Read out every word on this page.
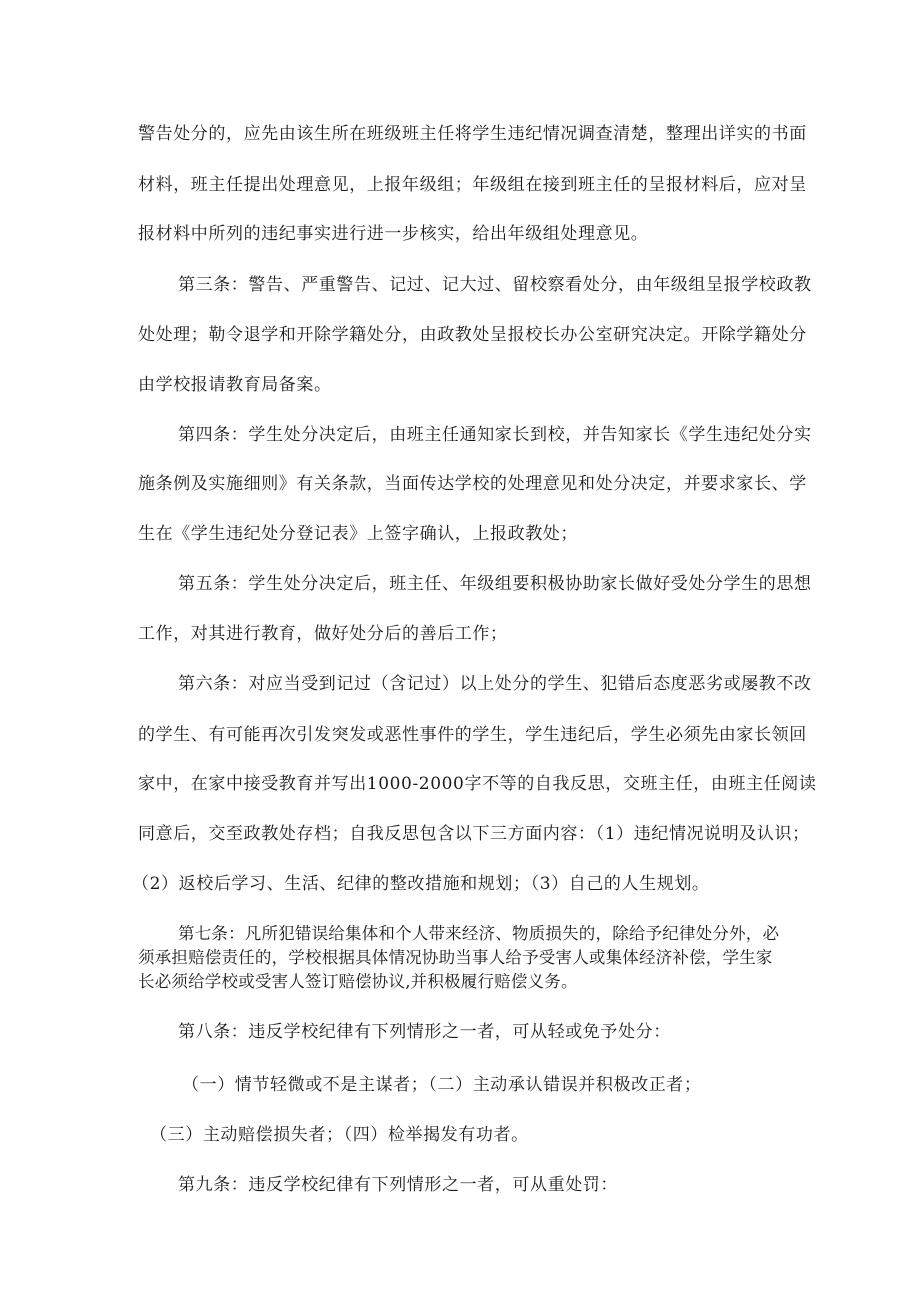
警告处分的，应先由该生所在班级班主任将学生违纪情况调查清楚，整理出详实的书面
材料，班主任提出处理意见，上报年级组；年级组在接到班主任的呈报材料后，应对呈
报材料中所列的违纪事实进行进一步核实，给出年级组处理意见。
第三条：警告、严重警告、记过、记大过、留校察看处分，由年级组呈报学校政教
处处理；勒令退学和开除学籍处分，由政教处呈报校长办公室研究决定。开除学籍处分
由学校报请教育局备案。
第四条：学生处分决定后，由班主任通知家长到校，并告知家长《学生违纪处分实
施条例及实施细则》有关条款，当面传达学校的处理意见和处分决定，并要求家长、学
生在《学生违纪处分登记表》上签字确认，上报政教处；
第五条：学生处分决定后，班主任、年级组要积极协助家长做好受处分学生的思想
工作，对其进行教育，做好处分后的善后工作；
第六条：对应当受到记过（含记过）以上处分的学生、犯错后态度恶劣或屡教不改
的学生、有可能再次引发突发或恶性事件的学生，学生违纪后，学生必须先由家长领回
家中，在家中接受教育并写出1000-2000字不等的自我反思，交班主任，由班主任阅读
同意后，交至政教处存档；自我反思包含以下三方面内容：（1）违纪情况说明及认识；
（2）返校后学习、生活、纪律的整改措施和规划；（3）自己的人生规划。
第七条：凡所犯错误给集体和个人带来经济、物质损失的，除给予纪律处分外，必
须承担赔偿责任的，学校根据具体情况协助当事人给予受害人或集体经济补偿，学生家
长必须给学校或受害人签订赔偿协议,并积极履行赔偿义务。
第八条：违反学校纪律有下列情形之一者，可从轻或免予处分：
（一）情节轻微或不是主谋者；（二）主动承认错误并积极改正者；
（三）主动赔偿损失者；（四）检举揭发有功者。
第九条：违反学校纪律有下列情形之一者，可从重处罚：
